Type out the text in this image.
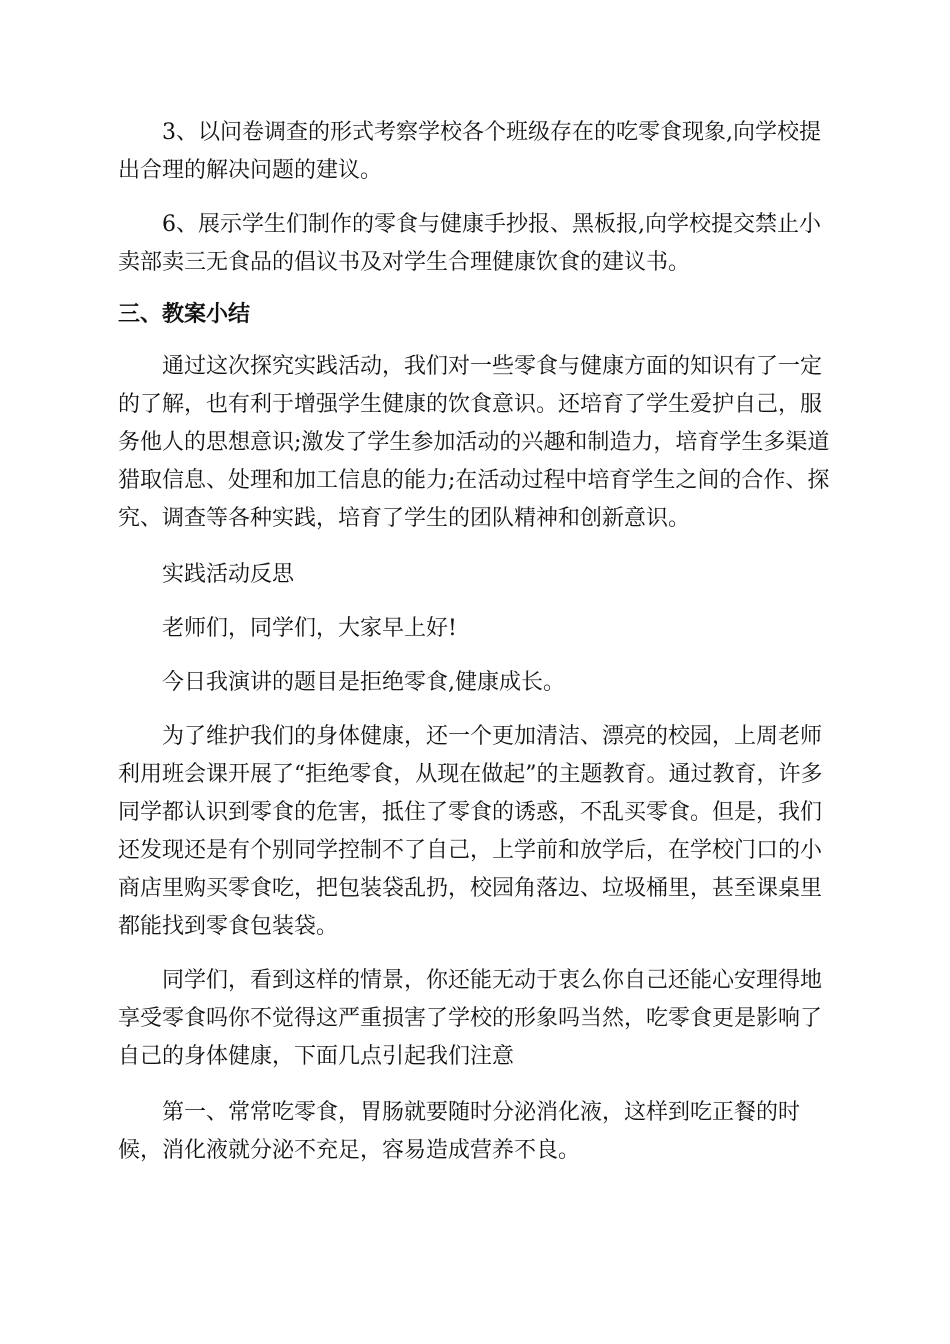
3、以问卷调查的形式考察学校各个班级存在的吃零食现象,向学校提出合理的解决问题的建议。

6、展示学生们制作的零食与健康手抄报、黑板报,向学校提交禁止小卖部卖三无食品的倡议书及对学生合理健康饮食的建议书。

三、教案小结

通过这次探究实践活动，我们对一些零食与健康方面的知识有了一定的了解，也有利于增强学生健康的饮食意识。还培育了学生爱护自己，服务他人的思想意识;激发了学生参加活动的兴趣和制造力，培育学生多渠道猎取信息、处理和加工信息的能力;在活动过程中培育学生之间的合作、探究、调查等各种实践，培育了学生的团队精神和创新意识。

实践活动反思

老师们，同学们，大家早上好!

今日我演讲的题目是拒绝零食,健康成长。

为了维护我们的身体健康，还一个更加清洁、漂亮的校园，上周老师利用班会课开展了“拒绝零食，从现在做起”的主题教育。通过教育，许多同学都认识到零食的危害，抵住了零食的诱惑，不乱买零食。但是，我们还发现还是有个别同学控制不了自己，上学前和放学后，在学校门口的小商店里购买零食吃，把包装袋乱扔，校园角落边、垃圾桶里，甚至课桌里都能找到零食包装袋。

同学们，看到这样的情景，你还能无动于衷么你自己还能心安理得地享受零食吗你不觉得这严重损害了学校的形象吗当然，吃零食更是影响了自己的身体健康，下面几点引起我们注意

第一、常常吃零食，胃肠就要随时分泌消化液，这样到吃正餐的时候，消化液就分泌不充足，容易造成营养不良。
